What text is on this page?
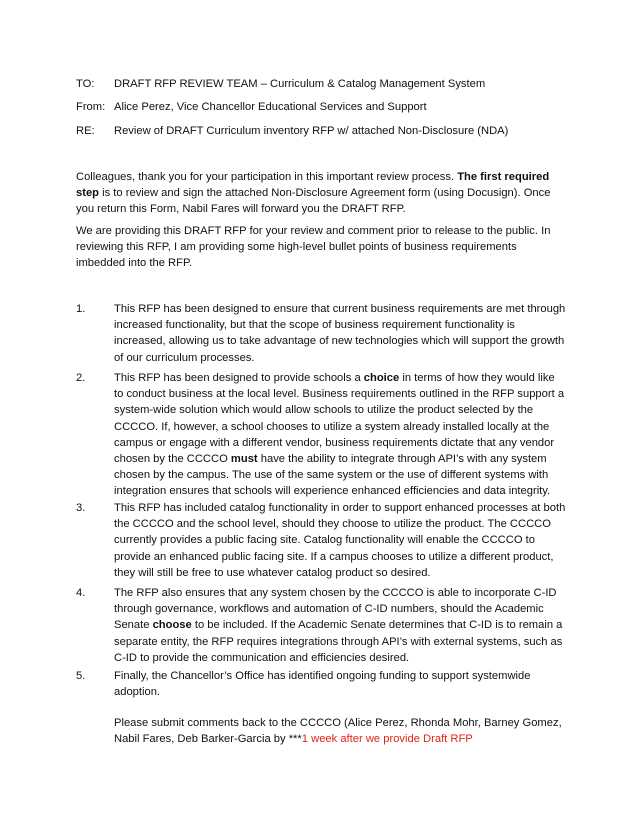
TO: DRAFT RFP REVIEW TEAM – Curriculum & Catalog Management System
From: Alice Perez, Vice Chancellor Educational Services and Support
RE: Review of DRAFT Curriculum inventory RFP w/ attached Non-Disclosure (NDA)
Colleagues, thank you for your participation in this important review process. The first required step is to review and sign the attached Non-Disclosure Agreement form (using Docusign). Once you return this Form, Nabil Fares will forward you the DRAFT RFP.
We are providing this DRAFT RFP for your review and comment prior to release to the public. In reviewing this RFP, I am providing some high-level bullet points of business requirements imbedded into the RFP.
1.	This RFP has been designed to ensure that current business requirements are met through increased functionality, but that the scope of business requirement functionality is increased, allowing us to take advantage of new technologies which will support the growth of our curriculum processes.
2.	This RFP has been designed to provide schools a choice in terms of how they would like to conduct business at the local level. Business requirements outlined in the RFP support a system-wide solution which would allow schools to utilize the product selected by the CCCCO. If, however, a school chooses to utilize a system already installed locally at the campus or engage with a different vendor, business requirements dictate that any vendor chosen by the CCCCO must have the ability to integrate through API’s with any system chosen by the campus. The use of the same system or the use of different systems with integration ensures that schools will experience enhanced efficiencies and data integrity.
3.	This RFP has included catalog functionality in order to support enhanced processes at both the CCCCO and the school level, should they choose to utilize the product. The CCCCO currently provides a public facing site. Catalog functionality will enable the CCCCO to provide an enhanced public facing site. If a campus chooses to utilize a different product, they will still be free to use whatever catalog product so desired.
4.	The RFP also ensures that any system chosen by the CCCCO is able to incorporate C-ID through governance, workflows and automation of C-ID numbers, should the Academic Senate choose to be included. If the Academic Senate determines that C-ID is to remain a separate entity, the RFP requires integrations through API’s with external systems, such as C-ID to provide the communication and efficiencies desired.
5.	Finally, the Chancellor’s Office has identified ongoing funding to support systemwide adoption.
Please submit comments back to the CCCCO (Alice Perez, Rhonda Mohr, Barney Gomez, Nabil Fares, Deb Barker-Garcia by ***1 week after we provide Draft RFP
